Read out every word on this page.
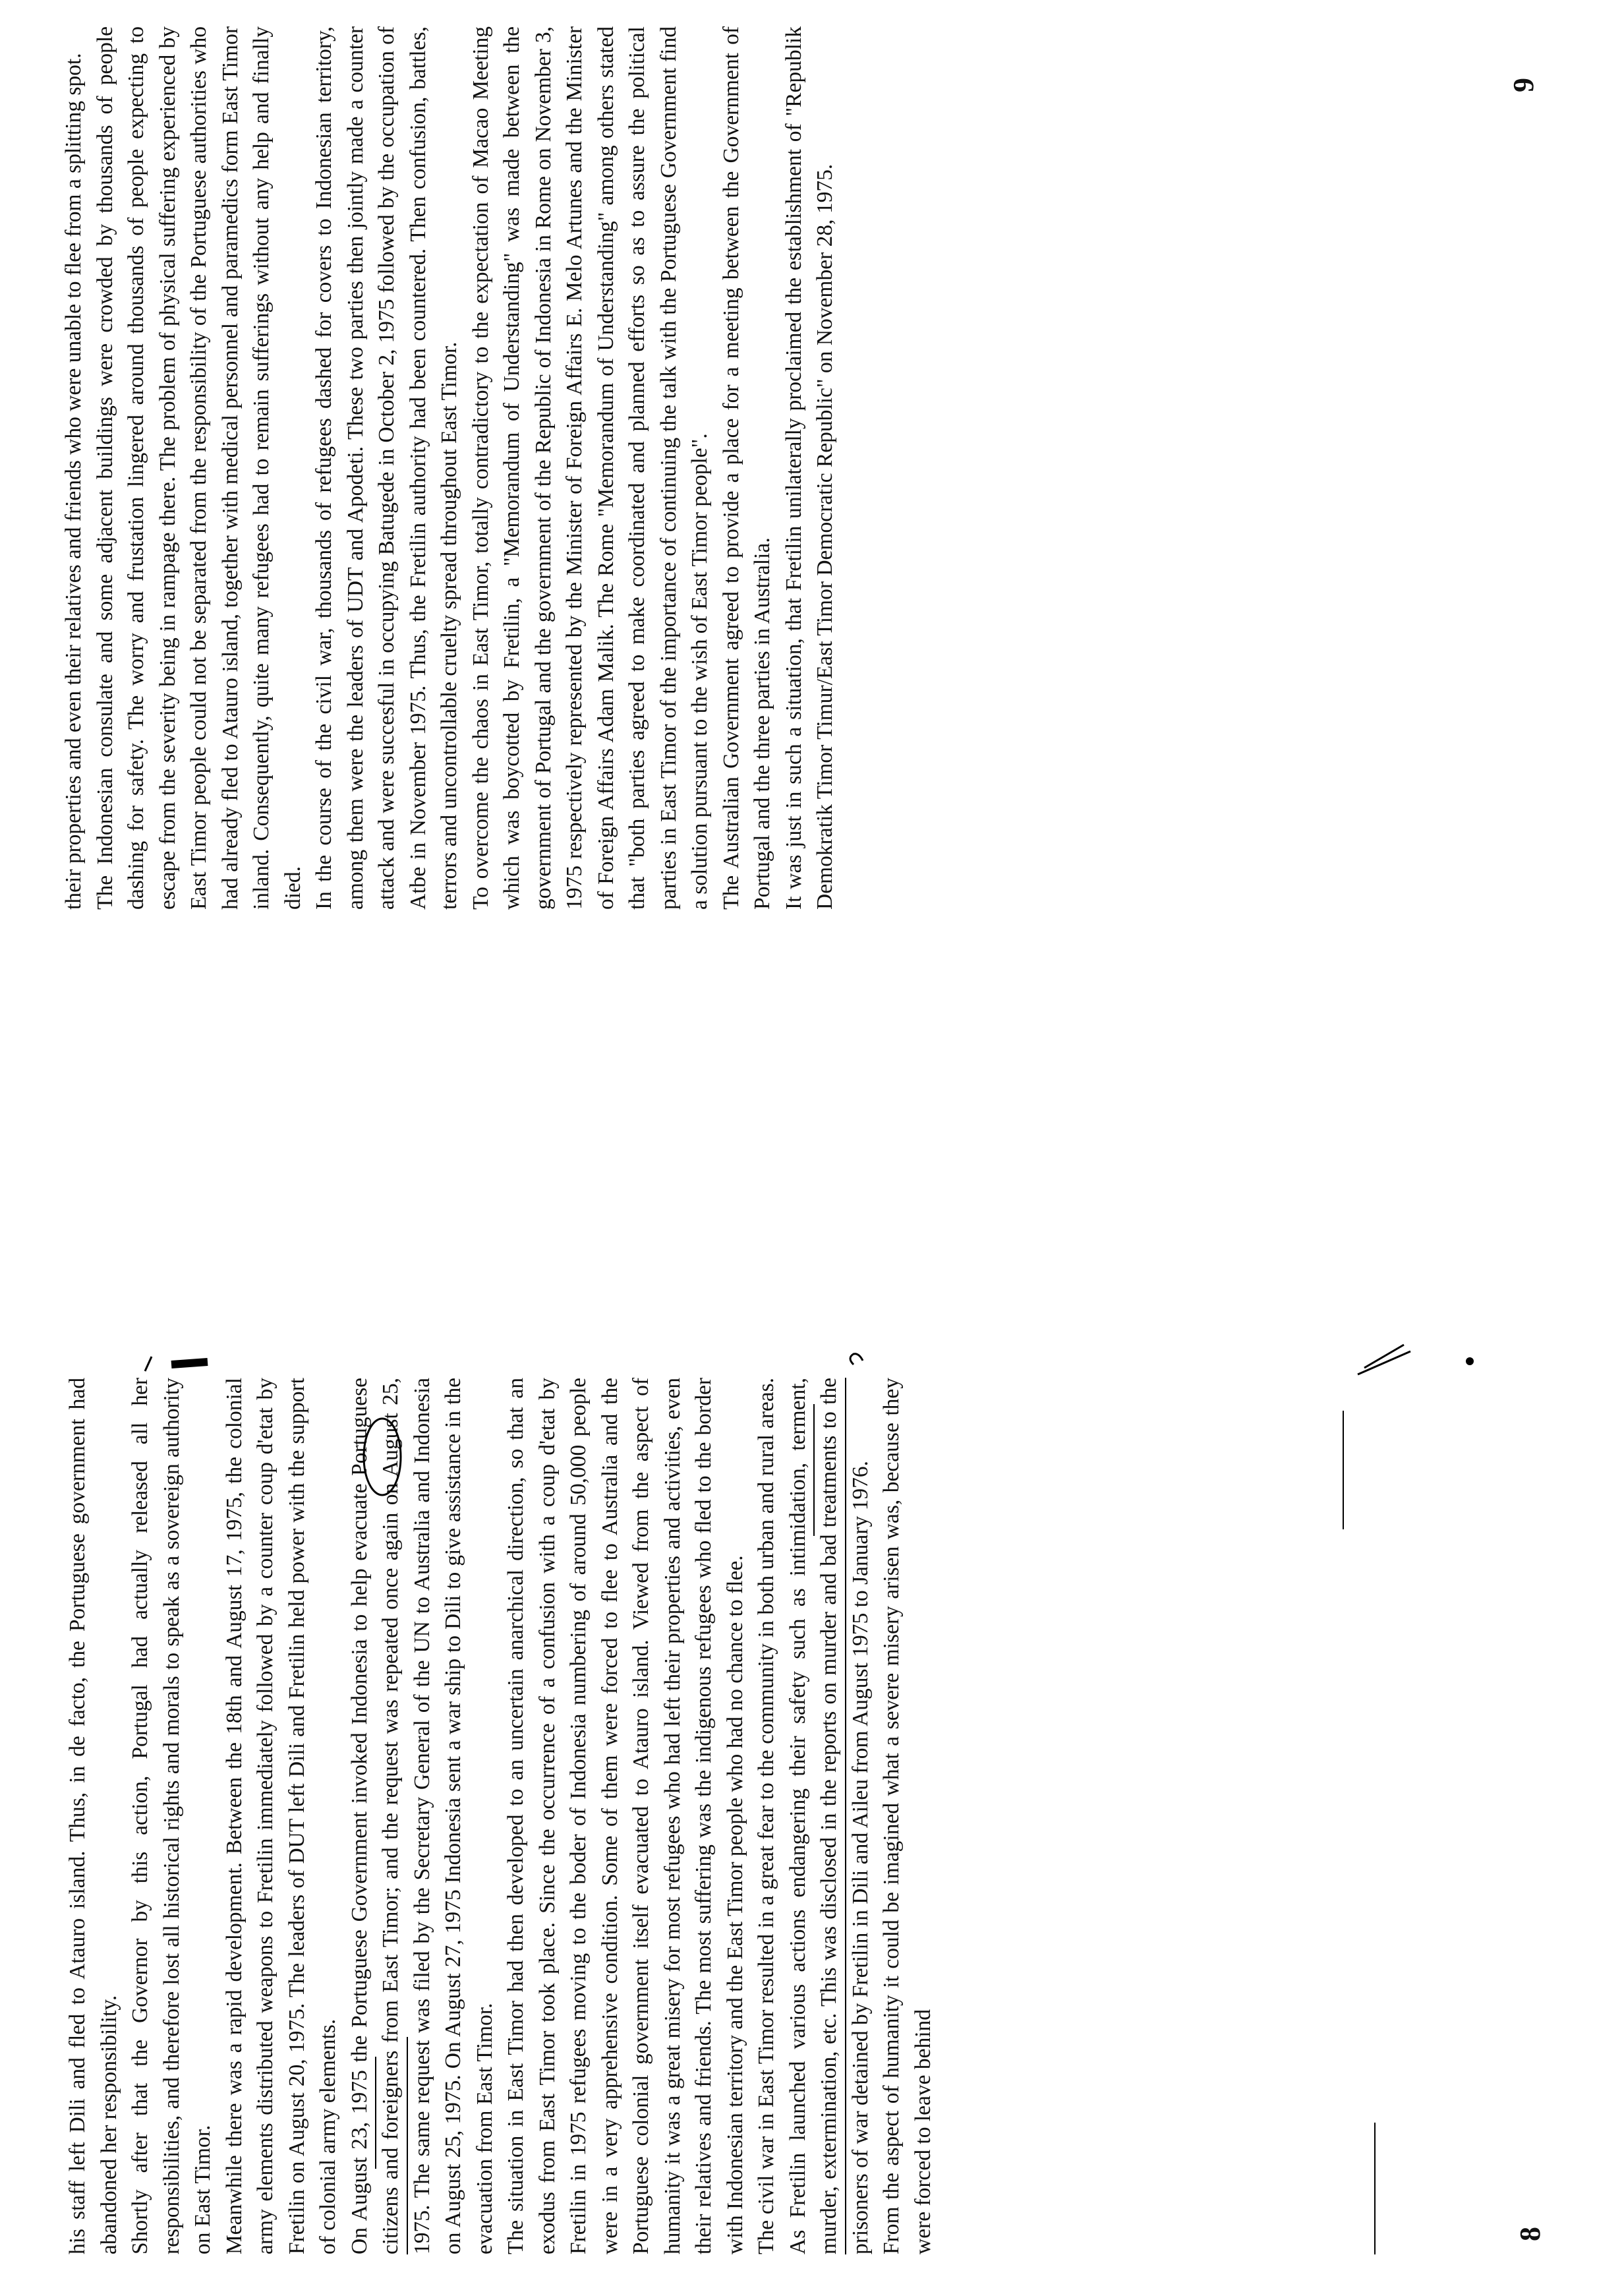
his staff left Dili and fled to Atauro island. Thus, in de facto, the Portuguese government had abandoned her responsibility. Shortly after that the Governor by this action, Portugal had actually released all her responsibilities, and therefore lost all historical rights and morals to speak as a sovereign authority on East Timor. Meanwhile there was a rapid development. Between the 18th and August 17, 1975, the colonial army elements distributed weapons to Fretilin immediately followed by a counter coup d'etat by Fretilin on August 20, 1975. The leaders of DUT left Dili and Fretilin held power with the support of colonial army elements. On August 23, 1975 the Portuguese Government invoked Indonesia to help evacuate Portuguese citizens and foreigners from East Timor; and the request was repeated once again on August 25, 1975. The same request was filed by the Secretary General of the UN to Australia and Indonesia on August 25, 1975. On August 27, 1975 Indonesia sent a war ship to Dili to give assistance in the evacuation from East Timor. The situation in East Timor had then developed to an uncertain anarchical direction, so that an exodus from East Timor took place. Since the occurrence of a confusion with a coup d'etat by Fretilin in 1975 refugees moving to the boder of Indonesia numbering of around 50,000 people were in a very apprehensive condition. Some of them were forced to flee to Australia and the Portuguese colonial government itself evacuated to Atauro island. Viewed from the aspect of humanity it was a great misery for most refugees who had left their properties and activities, even their relatives and friends. The most suffering was the indigenous refugees who fled to the border with Indonesian territory and the East Timor people who had no chance to flee. The civil war in East Timor resulted in a great fear to the community in both urban and rural areas. As Fretilin launched various actions endangering their safety such as intimidation, terment, murder, extermination, etc. This was disclosed in the reports on murder and bad treatments to the prisoners of war detained by Fretilin in Dili and Aileu from August 1975 to January 1976. From the aspect of humanity it could be imagined what a severe misery arisen was, because they were forced to leave behind	8

their properties and even their relatives and friends who were unable to flee from a splitting spot. The Indonesian consulate and some adjacent buildings were crowded by thousands of people dashing for safety. The worry and frustation lingered around thousands of people expecting to escape from the severity being in rampage there. The problem of physical suffering experienced by East Timor people could not be separated from the responsibility of the Portuguese authorities who had already fled to Atauro island, together with medical personnel and paramedics form East Timor inland. Consequently, quite many refugees had to remain sufferings without any help and finally died. In the course of the civil war, thousands of refugees dashed for covers to Indonesian territory, among them were the leaders of UDT and Apodeti. These two parties then jointly made a counter attack and were succesful in occupying Batugede in October 2, 1975 followed by the occupation of Atbe in November 1975. Thus, the Fretilin authority had been countered. Then confusion, battles, terrors and uncontrollable cruelty spread throughout East Timor. To overcome the chaos in East Timor, totally contradictory to the expectation of Macao Meeting which was boycotted by Fretilin, a "Memorandum of Understanding" was made between the government of Portugal and the government of the Republic of Indonesia in Rome on November 3, 1975 respectively represented by the Minister of Foreign Affairs E. Melo Artunes and the Minister of Foreign Affairs Adam Malik. The Rome "Memorandum of Understanding" among others stated that "both parties agreed to make coordinated and planned efforts so as to assure the political parties in East Timor of the importance of continuing the talk with the Portuguese Government find a solution pursuant to the wish of East Timor people". The Australian Government agreed to provide a place for a meeting between the Government of Portugal and the three parties in Australia. It was just in such a situation, that Fretilin unilaterally proclaimed the establishment of "Republik Demokratik Timor Timur/East Timor Democratic Republic" on November 28, 1975.

9
